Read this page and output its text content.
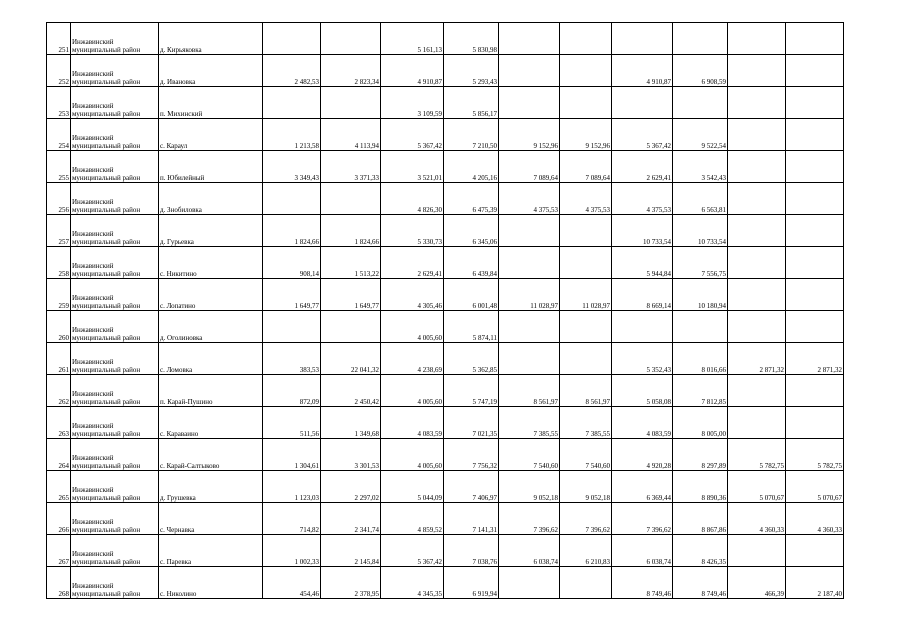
251	Инжавинский муниципальный район	д. Кирьяковка			5 161,13	5 830,98						
252	Инжавинский муниципальный район	д. Ивановка	2 482,53	2 823,34	4 910,87	5 293,43			4 910,87	6 908,59		
253	Инжавинский муниципальный район	п. Михинский			3 109,59	5 856,17						
254	Инжавинский муниципальный район	с. Караул	1 213,58	4 113,94	5 367,42	7 210,50	9 152,96	9 152,96	5 367,42	9 522,54		
255	Инжавинский муниципальный район	п. Юбилейный	3 349,43	3 371,33	3 521,01	4 205,16	7 089,64	7 089,64	2 629,41	3 542,43		
256	Инжавинский муниципальный район	д. Знобиловка			4 826,30	6 475,39	4 375,53	4 375,53	4 375,53	6 563,81		
257	Инжавинский муниципальный район	д. Гурьевка	1 824,66	1 824,66	5 330,73	6 345,06			10 733,54	10 733,54		
258	Инжавинский муниципальный район	с. Никитино	908,14	1 513,22	2 629,41	6 439,84			5 944,84	7 556,75		
259	Инжавинский муниципальный район	с. Лопатино	1 649,77	1 649,77	4 305,46	6 001,48	11 028,97	11 028,97	8 669,14	10 180,94		
260	Инжавинский муниципальный район	д. Оголиновка			4 005,60	5 874,11						
261	Инжавинский муниципальный район	с. Ломовка	383,53	22 041,32	4 238,69	5 362,85			5 352,43	8 016,66	2 871,32	2 871,32
262	Инжавинский муниципальный район	п. Карай-Пушино	872,09	2 450,42	4 005,60	5 747,19	8 561,97	8 561,97	5 058,08	7 812,85		
263	Инжавинский муниципальный район	с. Караваино	511,56	1 349,68	4 083,59	7 021,35	7 385,55	7 385,55	4 083,59	8 005,00		
264	Инжавинский муниципальный район	с. Карай-Салтыково	1 304,61	3 301,53	4 005,60	7 756,32	7 540,60	7 540,60	4 920,28	8 297,89	5 782,75	5 782,75
265	Инжавинский муниципальный район	д. Грушевка	1 123,03	2 297,02	5 044,09	7 406,97	9 052,18	9 052,18	6 369,44	8 890,36	5 070,67	5 070,67
266	Инжавинский муниципальный район	с. Чернавка	714,82	2 341,74	4 859,52	7 141,31	7 396,62	7 396,62	7 396,62	8 867,86	4 360,33	4 360,33
267	Инжавинский муниципальный район	с. Паревка	1 002,33	2 145,84	5 367,42	7 038,76	6 038,74	6 210,83	6 038,74	8 426,35		
268	Инжавинский муниципальный район	с. Николино	454,46	2 378,95	4 345,35	6 919,94			8 749,46	8 749,46	466,39	2 187,40
